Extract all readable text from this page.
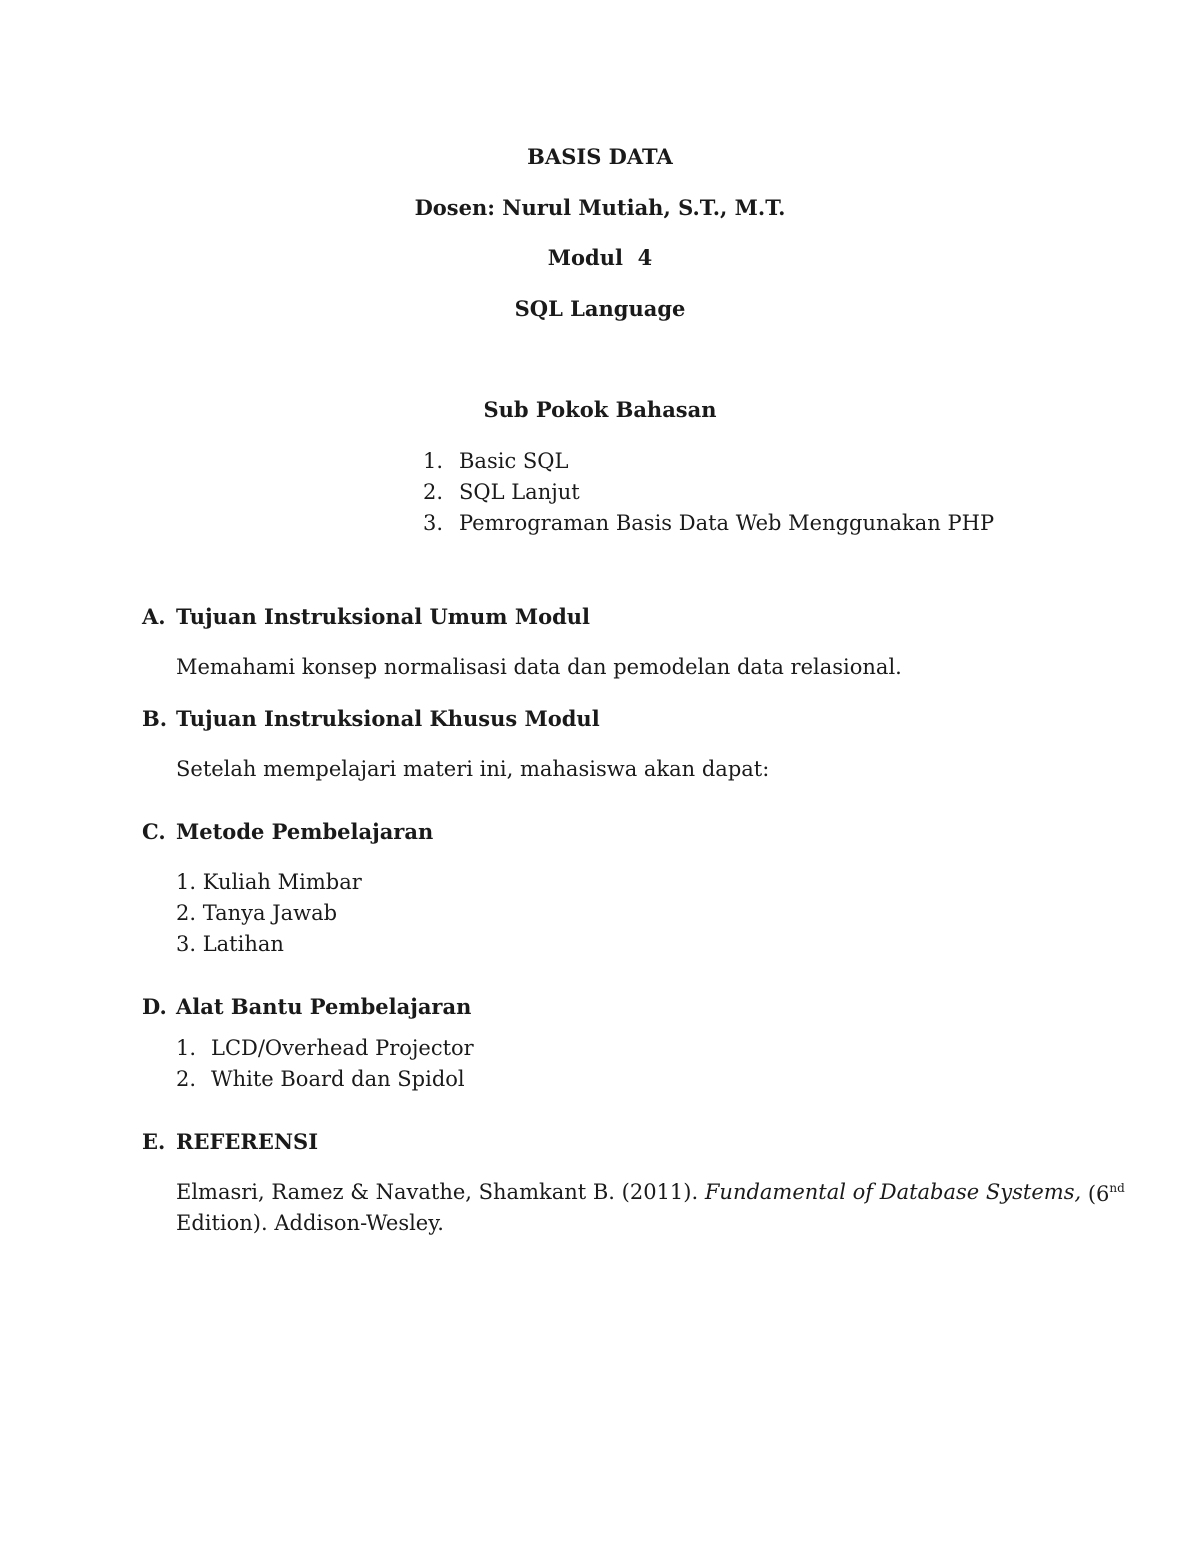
BASIS DATA
Dosen: Nurul Mutiah, S.T., M.T.
Modul  4
SQL Language
Sub Pokok Bahasan
1. Basic SQL
2. SQL Lanjut
3. Pemrograman Basis Data Web Menggunakan PHP
A. Tujuan Instruksional Umum Modul
Memahami konsep normalisasi data dan pemodelan data relasional.
B. Tujuan Instruksional Khusus Modul
Setelah mempelajari materi ini, mahasiswa akan dapat:
C. Metode Pembelajaran
1. Kuliah Mimbar
2. Tanya Jawab
3. Latihan
D. Alat Bantu Pembelajaran
1. LCD/Overhead Projector
2. White Board dan Spidol
E. REFERENSI
Elmasri, Ramez & Navathe, Shamkant B. (2011). Fundamental of Database Systems, (6nd
Edition). Addison-Wesley.
